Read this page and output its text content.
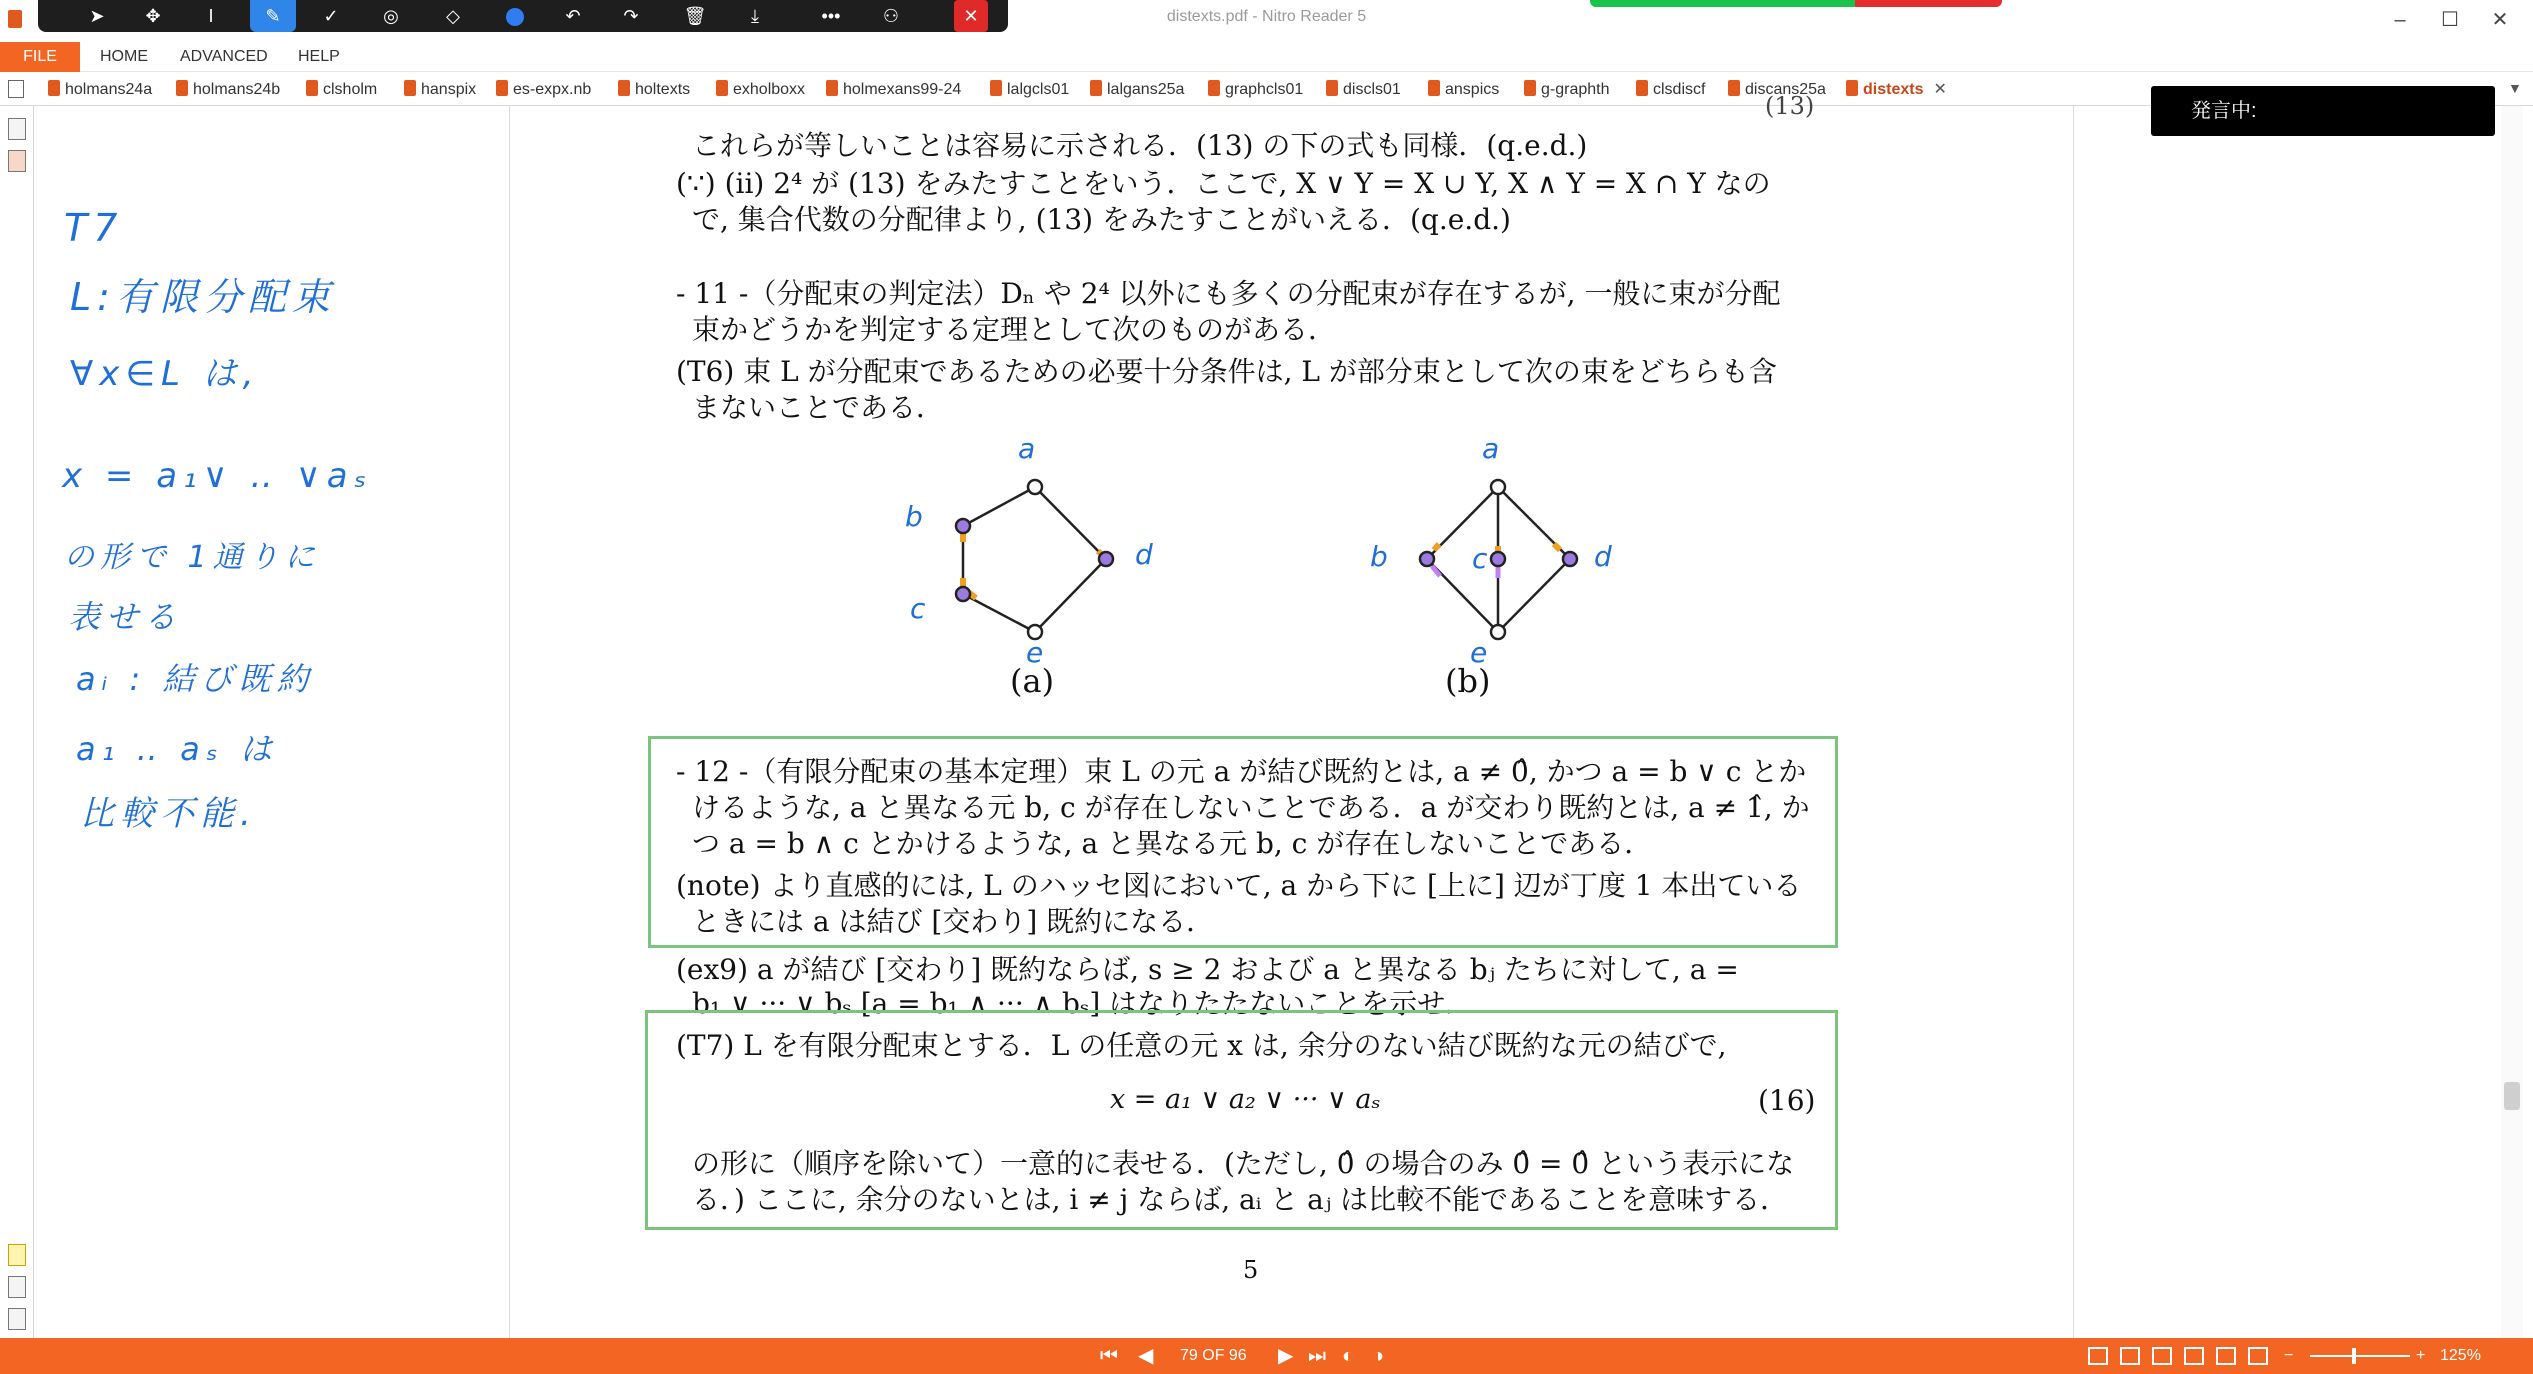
distexts.pdf - Nitro Reader 5	–	☐	✕
➤	✥	I	✎	✓	◎	◇	↶	↷	🗑	⤓	•••	⚇	✕
FILE	HOME ADVANCED HELP
holmans24a	holmans24b	clsholm	hanspix	es-expx.nb	holtexts	exholboxx	holmexans99-24	lalgcls01	lalgans25a	graphcls01	discls01	anspics	g-graphth	clsdiscf	discans25a	distexts ✕	▼
T7
L:有限分配束
∀x∈L は,
x = a₁∨ ‥ ∨aₛ
の形で 1通りに
表せる
aᵢ : 結び既約
a₁ ‥ aₛ は
比較不能.
(13)
これらが等しいことは容易に示される．(13) の下の式も同様．(q.e.d.)
(∵) (ii) 2⁴ が (13) をみたすことをいう．ここで, X ∨ Y = X ∪ Y, X ∧ Y = X ∩ Y なの
で, 集合代数の分配律より, (13) をみたすことがいえる．(q.e.d.)
- 11 -（分配束の判定法）Dₙ や 2⁴ 以外にも多くの分配束が存在するが, 一般に束が分配
束かどうかを判定する定理として次のものがある．
(T6) 束 L が分配束であるための必要十分条件は, L が部分束として次の束をどちらも含
まないことである．
a
b
d
c
e
a
b	c	d
e
(a)	(b)
- 12 -（有限分配束の基本定理）束 L の元 a が結び既約とは, a ≠ 0̂, かつ a = b ∨ c とか
けるような, a と異なる元 b, c が存在しないことである．a が交わり既約とは, a ≠ 1̂, か
つ a = b ∧ c とかけるような, a と異なる元 b, c が存在しないことである．
(note) より直感的には, L のハッセ図において, a から下に [上に] 辺が丁度 1 本出ている
ときには a は結び [交わり] 既約になる．
(ex9) a が結び [交わり] 既約ならば, s ≥ 2 および a と異なる bⱼ たちに対して, a =
b₁ ∨ ··· ∨ bₛ [a = b₁ ∧ ··· ∧ bₛ] はなりたたないことを示せ．
(T7) L を有限分配束とする．L の任意の元 x は, 余分のない結び既約な元の結びで,
x = a₁ ∨ a₂ ∨ ··· ∨ aₛ	(16)
の形に（順序を除いて）一意的に表せる．(ただし, 0̂ の場合のみ 0̂ = 0̂ という表示にな
る．) ここに, 余分のないとは, i ≠ j ならば, aᵢ と aⱼ は比較不能であることを意味する．
5
発言中:
⏮ ◀ 79 OF 96 ▶ ⏭ ◐ ◑	−	+ 125%
